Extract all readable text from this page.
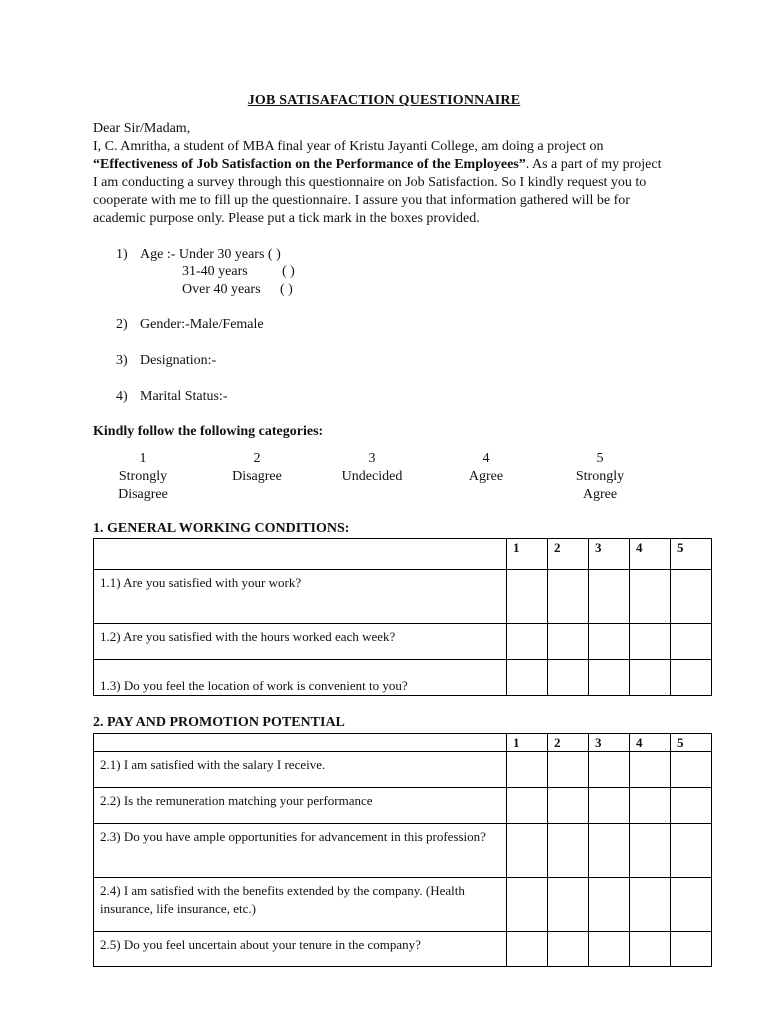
JOB SATISAFACTION QUESTIONNAIRE

Dear Sir/Madam,

I, C. Amritha, a student of MBA final year of Kristu Jayanti College, am doing a project on “Effectiveness of Job Satisfaction on the Performance of the Employees”. As a part of my project I am conducting a survey through this questionnaire on Job Satisfaction. So I kindly request you to cooperate with me to fill up the questionnaire. I assure you that information gathered will be for academic purpose only. Please put a tick mark in the boxes provided.

1) Age :- Under 30 years ( )
31-40 years ( )
Over 40 years ( )
2) Gender:-Male/Female
3) Designation:-
4) Marital Status:-
Kindly follow the following categories:
1
Strongly
Disagree
2
Disagree
3
Undecided
4
Agree
5
Strongly
Agree
1. GENERAL WORKING CONDITIONS:
	1	2	3	4	5
1.1) Are you satisfied with your work?					
1.2) Are you satisfied with the hours worked each week?					
1.3) Do you feel the location of work is convenient to you?					
2. PAY AND PROMOTION POTENTIAL
	1	2	3	4	5
2.1) I am satisfied with the salary I receive.					
2.2) Is the remuneration matching your performance					
2.3) Do you have ample opportunities for advancement in this profession?					
2.4) I am satisfied with the benefits extended by the company. (Health insurance, life insurance, etc.)					
2.5) Do you feel uncertain about your tenure in the company?					
